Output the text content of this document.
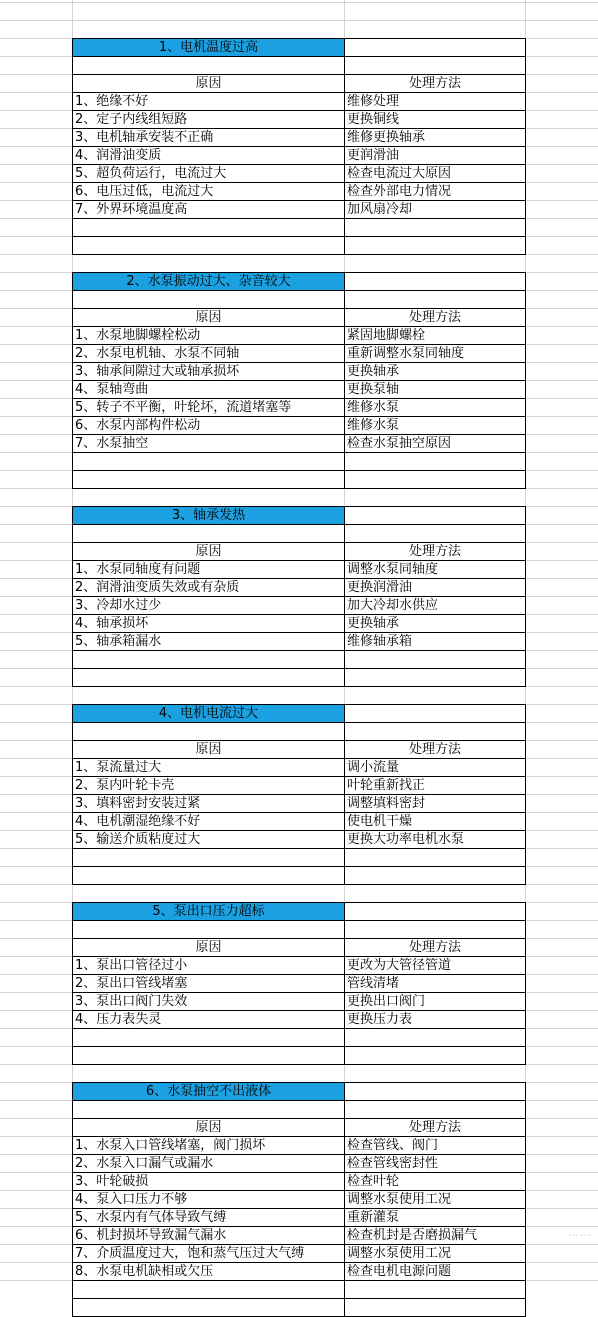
1、电机温度过高
原因	处理方法
1、绝缘不好	维修处理
2、定子内线组短路	更换铜线
3、电机轴承安装不正确	维修更换轴承
4、润滑油变质	更润滑油
5、超负荷运行，电流过大	检查电流过大原因
6、电压过低，电流过大	检查外部电力情况
7、外界环境温度高	加风扇冷却
2、水泵振动过大、杂音较大
原因	处理方法
1、水泵地脚螺栓松动	紧固地脚螺栓
2、水泵电机轴、水泵不同轴	重新调整水泵同轴度
3、轴承间隙过大或轴承损坏	更换轴承
4、泵轴弯曲	更换泵轴
5、转子不平衡，叶轮坏，流道堵塞等	维修水泵
6、水泵内部构件松动	维修水泵
7、水泵抽空	检查水泵抽空原因
3、轴承发热
原因	处理方法
1、水泵同轴度有问题	调整水泵同轴度
2、润滑油变质失效或有杂质	更换润滑油
3、冷却水过少	加大冷却水供应
4、轴承损坏	更换轴承
5、轴承箱漏水	维修轴承箱
4、电机电流过大
原因	处理方法
1、泵流量过大	调小流量
2、泵内叶轮卡壳	叶轮重新找正
3、填料密封安装过紧	调整填料密封
4、电机潮湿绝缘不好	使电机干燥
5、输送介质粘度过大	更换大功率电机水泵
5、泵出口压力超标
原因	处理方法
1、泵出口管径过小	更改为大管径管道
2、泵出口管线堵塞	管线清堵
3、泵出口阀门失效	更换出口阀门
4、压力表失灵	更换压力表
6、水泵抽空不出液体
原因	处理方法
1、水泵入口管线堵塞，阀门损坏	检查管线、阀门
2、水泵入口漏气或漏水	检查管线密封性
3、叶轮破损	检查叶轮
4、泵入口压力不够	调整水泵使用工况
5、水泵内有气体导致气缚	重新灌泵
6、机封损坏导致漏气漏水	检查机封是否磨损漏气
7、介质温度过大，饱和蒸气压过大气缚	调整水泵使用工况
8、水泵电机缺相或欠压	检查电机电源问题
……
